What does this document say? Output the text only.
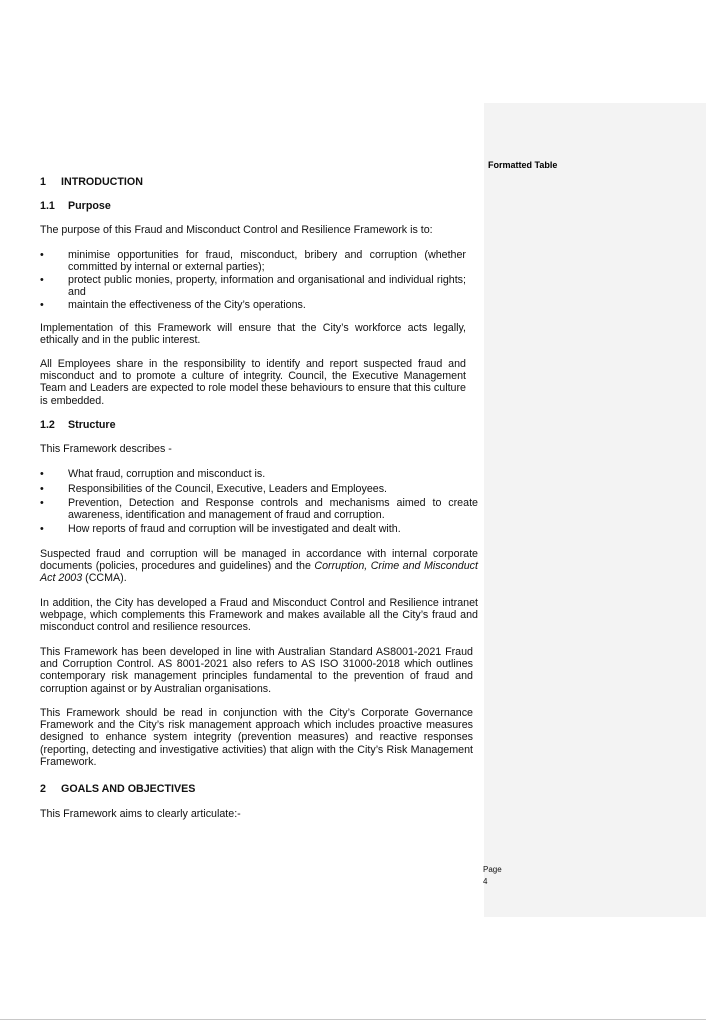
Formatted Table
1 INTRODUCTION
1.1 Purpose
The purpose of this Fraud and Misconduct Control and Resilience Framework is to:
• minimise opportunities for fraud, misconduct, bribery and corruption (whether committed by internal or external parties);
• protect public monies, property, information and organisational and individual rights; and
• maintain the effectiveness of the City’s operations.
Implementation of this Framework will ensure that the City’s workforce acts legally, ethically and in the public interest.
All Employees share in the responsibility to identify and report suspected fraud and misconduct and to promote a culture of integrity. Council, the Executive Management Team and Leaders are expected to role model these behaviours to ensure that this culture is embedded.
1.2 Structure
This Framework describes -
• What fraud, corruption and misconduct is.
• Responsibilities of the Council, Executive, Leaders and Employees.
• Prevention, Detection and Response controls and mechanisms aimed to create awareness, identification and management of fraud and corruption.
• How reports of fraud and corruption will be investigated and dealt with.
Suspected fraud and corruption will be managed in accordance with internal corporate documents (policies, procedures and guidelines) and the Corruption, Crime and Misconduct Act 2003 (CCMA).
In addition, the City has developed a Fraud and Misconduct Control and Resilience intranet webpage, which complements this Framework and makes available all the City’s fraud and misconduct control and resilience resources.
This Framework has been developed in line with Australian Standard AS8001-2021 Fraud and Corruption Control. AS 8001-2021 also refers to AS ISO 31000-2018 which outlines contemporary risk management principles fundamental to the prevention of fraud and corruption against or by Australian organisations.
This Framework should be read in conjunction with the City’s Corporate Governance Framework and the City’s risk management approach which includes proactive measures designed to enhance system integrity (prevention measures) and reactive responses (reporting, detecting and investigative activities) that align with the City’s Risk Management Framework.
2 GOALS AND OBJECTIVES
This Framework aims to clearly articulate:-
Page 4
